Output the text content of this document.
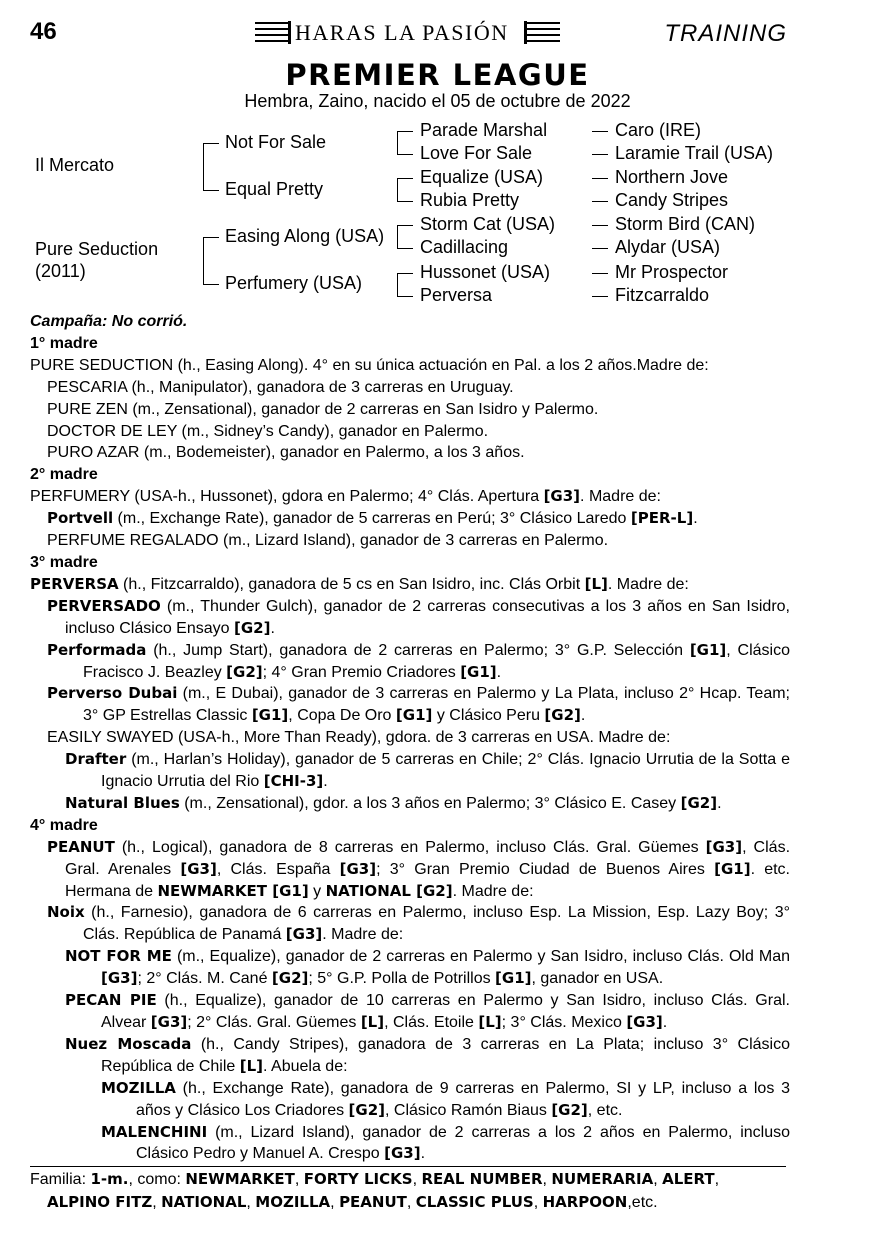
46	HARAS LA PASIÓN	TRAINING
PREMIER LEAGUE
Hembra, Zaino, nacido el 05 de octubre de 2022
Il Mercato
Pure Seduction
(2011)
Not For Sale
Equal Pretty
Easing Along (USA)
Perfumery (USA)
Parade Marshal
Love For Sale
Equalize (USA)
Rubia Pretty
Storm Cat (USA)
Cadillacing
Hussonet (USA)
Perversa
Caro (IRE)
Laramie Trail (USA)
Northern Jove
Candy Stripes
Storm Bird (CAN)
Alydar (USA)
Mr Prospector
Fitzcarraldo

Campaña: No corrió.

1° madre

PURE SEDUCTION (h., Easing Along). 4° en su única actuación en Pal. a los 2 años.Madre de:

PESCARIA (h., Manipulator), ganadora de 3 carreras en Uruguay.

PURE ZEN (m., Zensational), ganador de 2 carreras en San Isidro y Palermo.

DOCTOR DE LEY (m., Sidney’s Candy), ganador en Palermo.

PURO AZAR (m., Bodemeister), ganador en Palermo, a los 3 años.

2° madre

PERFUMERY (USA-h., Hussonet), gdora en Palermo; 4° Clás. Apertura [G3]. Madre de:

Portvell (m., Exchange Rate), ganador de 5 carreras en Perú; 3° Clásico Laredo [PER-L].

PERFUME REGALADO (m., Lizard Island), ganador de 3 carreras en Palermo.

3° madre

PERVERSA (h., Fitzcarraldo), ganadora de 5 cs en San Isidro, inc. Clás Orbit [L]. Madre de:

PERVERSADO (m., Thunder Gulch), ganador de 2 carreras consecutivas a los 3 años en San Isidro, incluso Clásico Ensayo [G2].

Performada (h., Jump Start), ganadora de 2 carreras en Palermo; 3° G.P. Selección [G1], Clásico Fracisco J. Beazley [G2]; 4° Gran Premio Criadores [G1].

Perverso Dubai (m., E Dubai), ganador de 3 carreras en Palermo y La Plata, incluso 2° Hcap. Team; 3° GP Estrellas Classic [G1], Copa De Oro [G1] y Clásico Peru [G2].

EASILY SWAYED (USA-h., More Than Ready), gdora. de 3 carreras en USA. Madre de:

Drafter (m., Harlan’s Holiday), ganador de 5 carreras en Chile; 2° Clás. Ignacio Urrutia de la Sotta e Ignacio Urrutia del Rio [CHI-3].

Natural Blues (m., Zensational), gdor. a los 3 años en Palermo; 3° Clásico E. Casey [G2].

4° madre

PEANUT (h., Logical), ganadora de 8 carreras en Palermo, incluso Clás. Gral. Güemes [G3], Clás. Gral. Arenales [G3], Clás. España [G3]; 3° Gran Premio Ciudad de Buenos Aires [G1]. etc. Hermana de NEWMARKET [G1] y NATIONAL [G2]. Madre de:

Noix (h., Farnesio), ganadora de 6 carreras en Palermo, incluso Esp. La Mission, Esp. Lazy Boy; 3° Clás. República de Panamá [G3]. Madre de:

NOT FOR ME (m., Equalize), ganador de 2 carreras en Palermo y San Isidro, incluso Clás. Old Man [G3]; 2° Clás. M. Cané [G2]; 5° G.P. Polla de Potrillos [G1], ganador en USA.

PECAN PIE (h., Equalize), ganador de 10 carreras en Palermo y San Isidro, incluso Clás. Gral. Alvear [G3]; 2° Clás. Gral. Güemes [L], Clás. Etoile [L]; 3° Clás. Mexico [G3].

Nuez Moscada (h., Candy Stripes), ganadora de 3 carreras en La Plata; incluso 3° Clásico República de Chile [L]. Abuela de:

MOZILLA (h., Exchange Rate), ganadora de 9 carreras en Palermo, SI y LP, incluso a los 3 años y Clásico Los Criadores [G2], Clásico Ramón Biaus [G2], etc.

MALENCHINI (m., Lizard Island), ganador de 2 carreras a los 2 años en Palermo, incluso Clásico Pedro y Manuel A. Crespo [G3].

Familia: 1-m., como: NEWMARKET, FORTY LICKS, REAL NUMBER, NUMERARIA, ALERT,
ALPINO FITZ, NATIONAL, MOZILLA, PEANUT, CLASSIC PLUS, HARPOON,etc.
